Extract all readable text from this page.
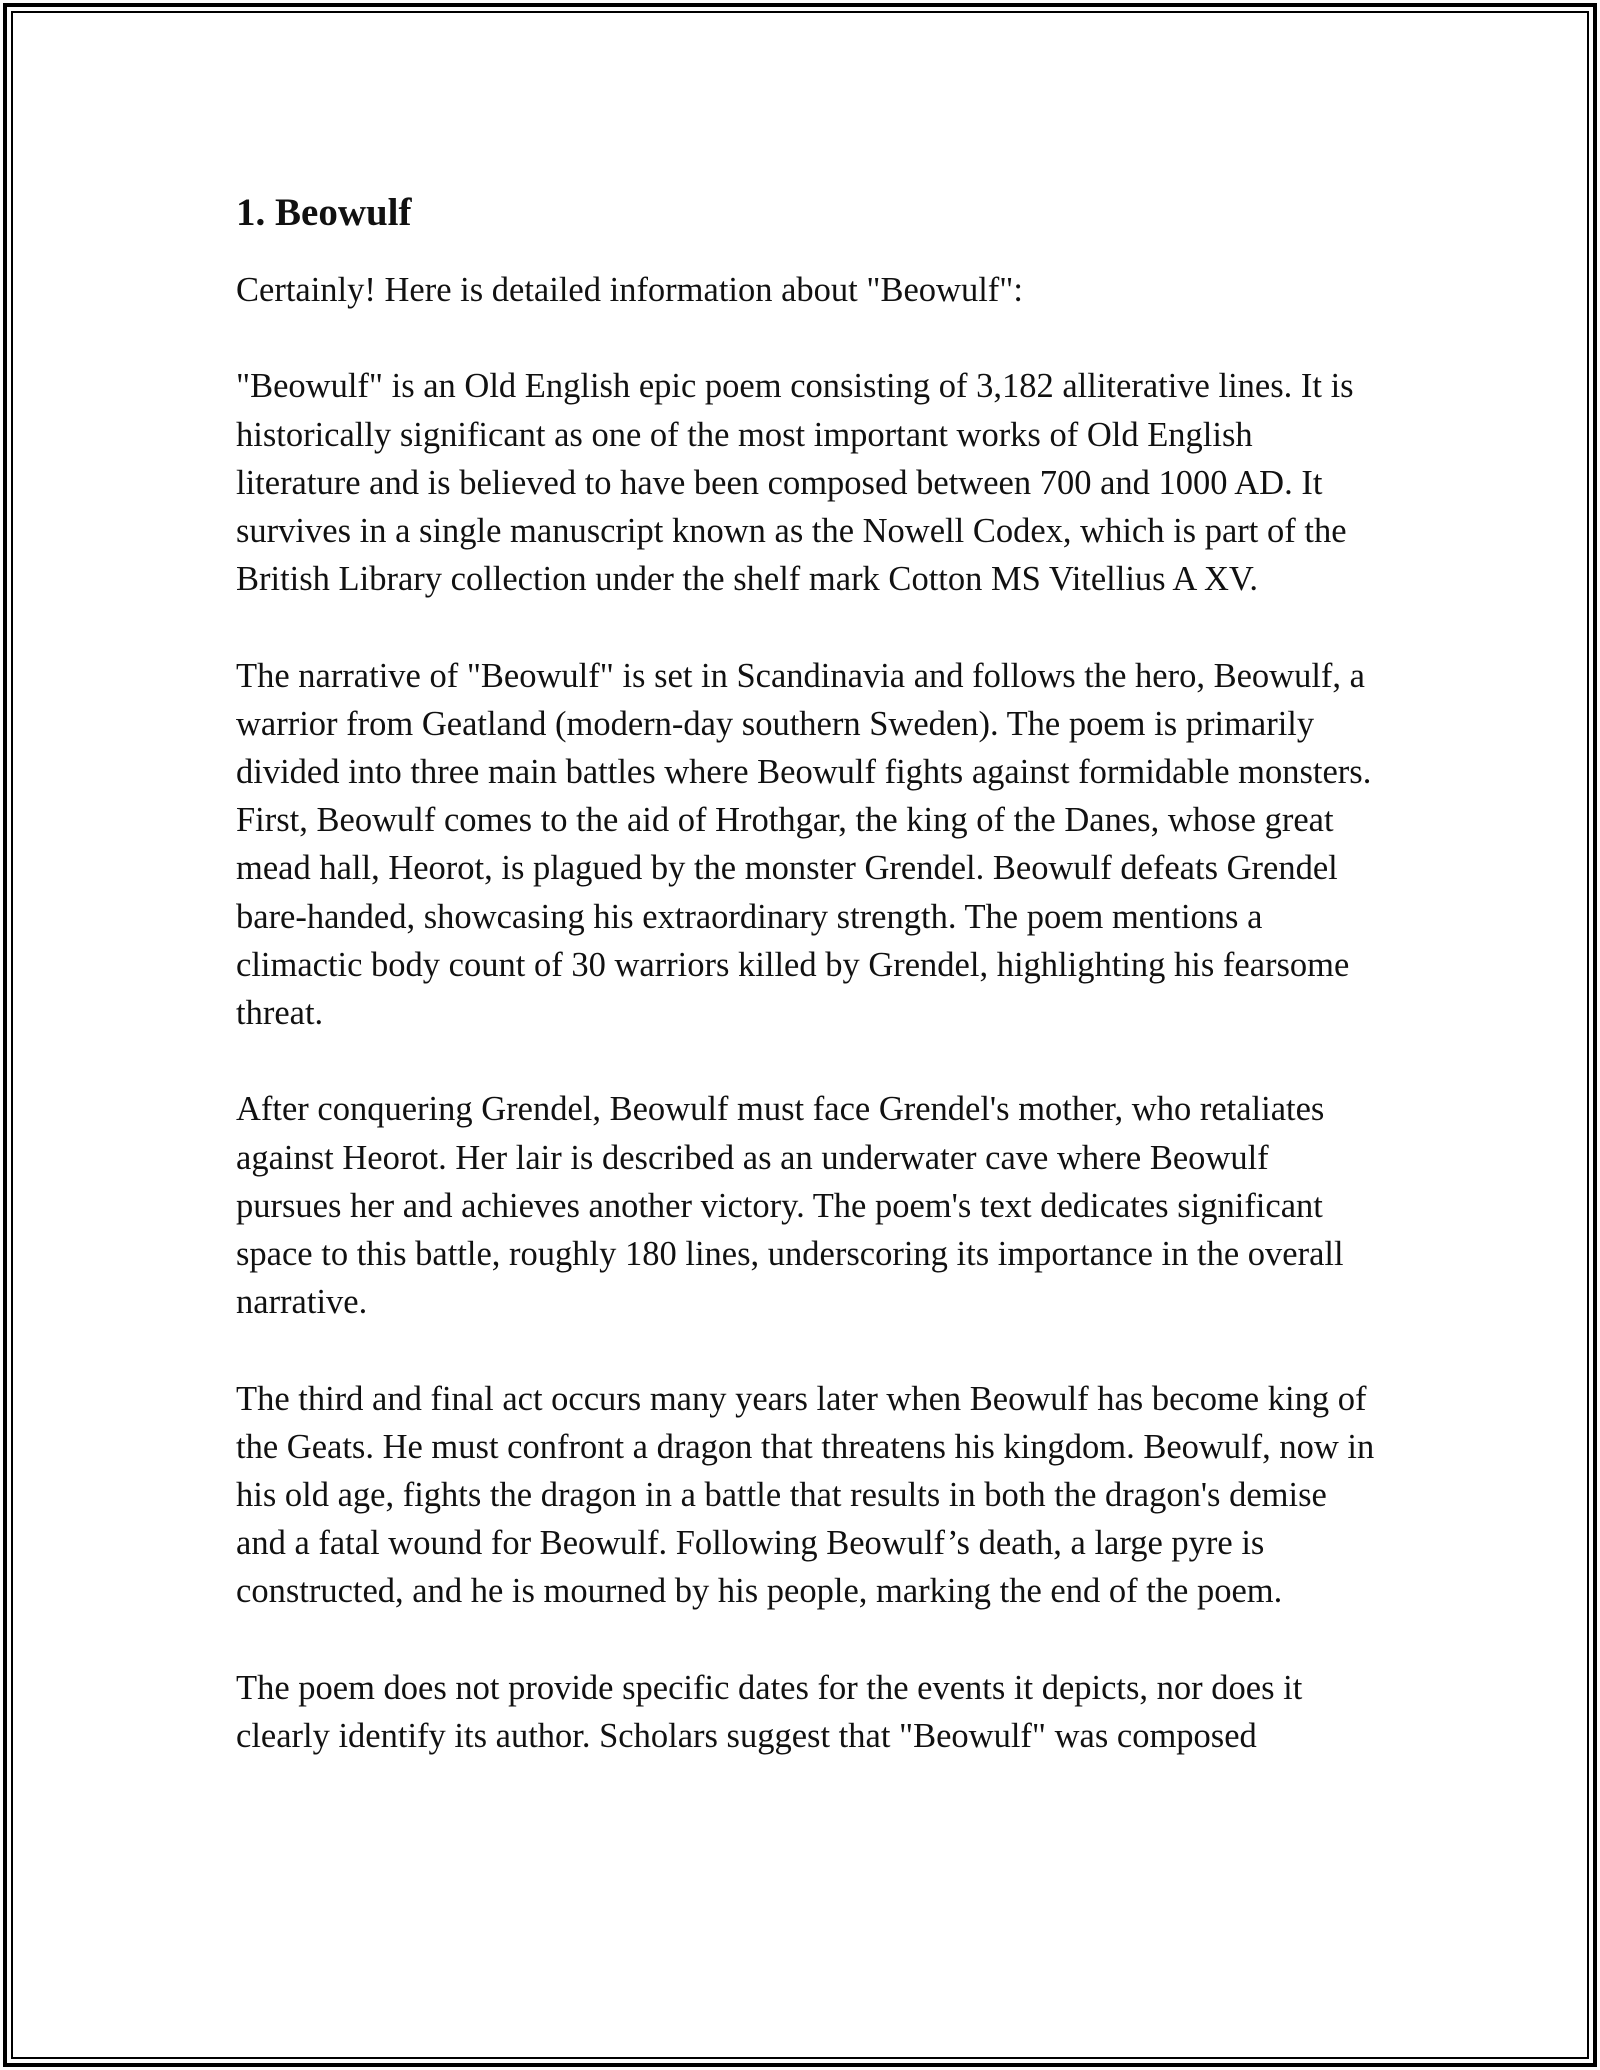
1. Beowulf

Certainly! Here is detailed information about "Beowulf":

"Beowulf" is an Old English epic poem consisting of 3,182 alliterative lines. It is historically significant as one of the most important works of Old English literature and is believed to have been composed between 700 and 1000 AD. It survives in a single manuscript known as the Nowell Codex, which is part of the British Library collection under the shelf mark Cotton MS Vitellius A XV.

The narrative of "Beowulf" is set in Scandinavia and follows the hero, Beowulf, a warrior from Geatland (modern-day southern Sweden). The poem is primarily divided into three main battles where Beowulf fights against formidable monsters. First, Beowulf comes to the aid of Hrothgar, the king of the Danes, whose great mead hall, Heorot, is plagued by the monster Grendel. Beowulf defeats Grendel bare-handed, showcasing his extraordinary strength. The poem mentions a climactic body count of 30 warriors killed by Grendel, highlighting his fearsome threat.

After conquering Grendel, Beowulf must face Grendel's mother, who retaliates against Heorot. Her lair is described as an underwater cave where Beowulf pursues her and achieves another victory. The poem's text dedicates significant space to this battle, roughly 180 lines, underscoring its importance in the overall narrative.

The third and final act occurs many years later when Beowulf has become king of the Geats. He must confront a dragon that threatens his kingdom. Beowulf, now in his old age, fights the dragon in a battle that results in both the dragon's demise and a fatal wound for Beowulf. Following Beowulf’s death, a large pyre is constructed, and he is mourned by his people, marking the end of the poem.

The poem does not provide specific dates for the events it depicts, nor does it clearly identify its author. Scholars suggest that "Beowulf" was composed
